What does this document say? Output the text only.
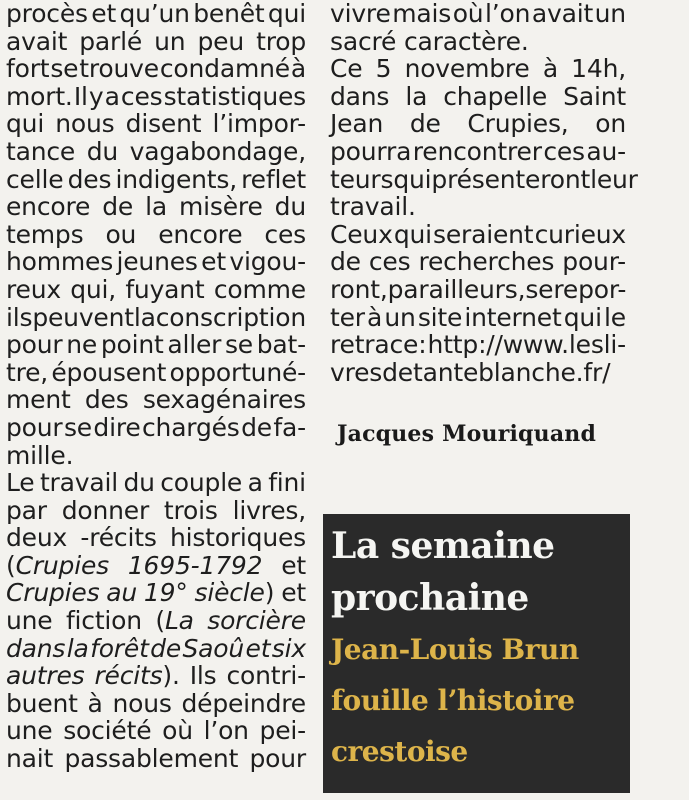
procès et qu’un benêt qui
avait parlé un peu trop
fort se trouve condamné à
mort. Il y a ces statistiques
qui nous disent l’impor-
tance du vagabondage,
celle des indigents, reflet
encore de la misère du
temps ou encore ces
hommes jeunes et vigou-
reux qui, fuyant comme
ils peuvent la conscription
pour ne point aller se bat-
tre, épousent opportuné-
ment des sexagénaires
pour se dire chargés de fa-
mille.
Le travail du couple a fini
par donner trois livres,
deux ‑récits historiques
(Crupies 1695-1792 et
Crupies au 19° siècle) et
une fiction (La sorcière
dans la forêt de Saoû et six
autres récits). Ils contri-
buent à nous dépeindre
une société où l’on pei-
nait passablement pour
vivre mais où l’on avait un
sacré caractère.
Ce 5 novembre à 14h,
dans la chapelle Saint
Jean de Crupies, on
pourra rencontrer ces au-
teurs qui présenteront leur
travail.
Ceux qui seraient curieux
de ces recherches pour-
ront, par ailleurs, se repor-
ter à un site internet qui le
retrace: http://www.lesli-
vresdetanteblanche.fr/
Jacques Mouriquand
La semaine
prochaine
Jean-Louis Brun
fouille l’histoire
crestoise
